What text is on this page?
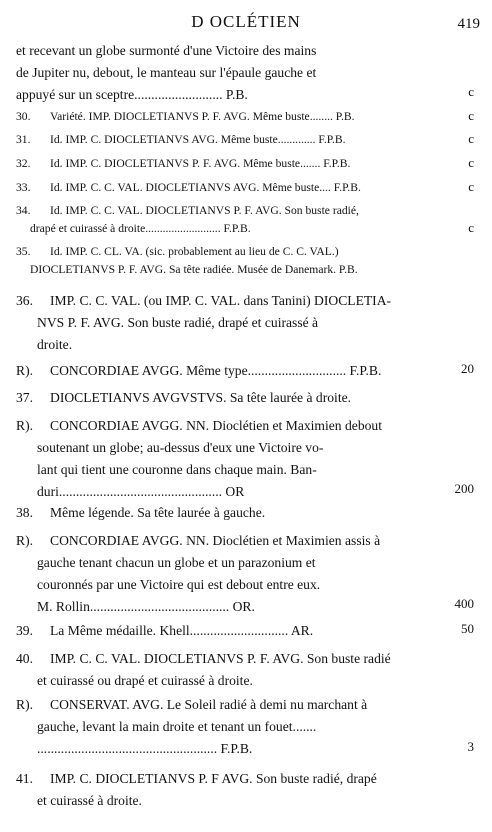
D OCLÉTIEN	419
et recevant un globe surmonté d'une Victoire des mains
de Jupiter nu, debout, le manteau sur l'épaule gauche et
appuyé sur un sceptre.......................... P.B.	c
30. Variété. IMP. DIOCLETIANVS P. F. AVG. Même buste........ P.B.	c
31. Id. IMP. C. DIOCLETIANVS AVG. Même buste............. F.P.B.	c
32. Id. IMP. C. DIOCLETIANVS P. F. AVG. Même buste....... F.P.B.	c
33. Id. IMP. C. C. VAL. DIOCLETIANVS AVG. Même buste.... F.P.B.	c
34. Id. IMP. C. C. VAL. DIOCLETIANVS P. F. AVG. Son buste radié,
drapé et cuirassé à droite.......................... F.P.B.	c
35. Id. IMP. C. CL. VA. (sic. probablement au lieu de C. C. VAL.)
DIOCLETIANVS P. F. AVG. Sa tête radiée. Musée de Danemark. P.B.
36. IMP. C. C. VAL. (ou IMP. C. VAL. dans Tanini) DIOCLETIA-
NVS P. F. AVG. Son buste radié, drapé et cuirassé à
droite.
R). CONCORDIAE AVGG. Même type............................. F.P.B.	20
37. DIOCLETIANVS AVGVSTVS. Sa tête laurée à droite.
R). CONCORDIAE AVGG. NN. Dioclétien et Maximien debout
soutenant un globe; au-dessus d'eux une Victoire vo-
lant qui tient une couronne dans chaque main. Ban-
duri................................................ OR	200
38. Même légende. Sa tête laurée à gauche.
R). CONCORDIAE AVGG. NN. Dioclétien et Maximien assis à
gauche tenant chacun un globe et un parazonium et
couronnés par une Victoire qui est debout entre eux.
M. Rollin......................................... OR.	400
39. La Même médaille. Khell............................. AR.	50
40. IMP. C. C. VAL. DIOCLETIANVS P. F. AVG. Son buste radié
et cuirassé ou drapé et cuirassé à droite.
R). CONSERVAT. AVG. Le Soleil radié à demi nu marchant à
gauche, levant la main droite et tenant un fouet.......
..................................................... F.P.B.	3
41. IMP. C. DIOCLETIANVS P. F AVG. Son buste radié, drapé
et cuirassé à droite.
